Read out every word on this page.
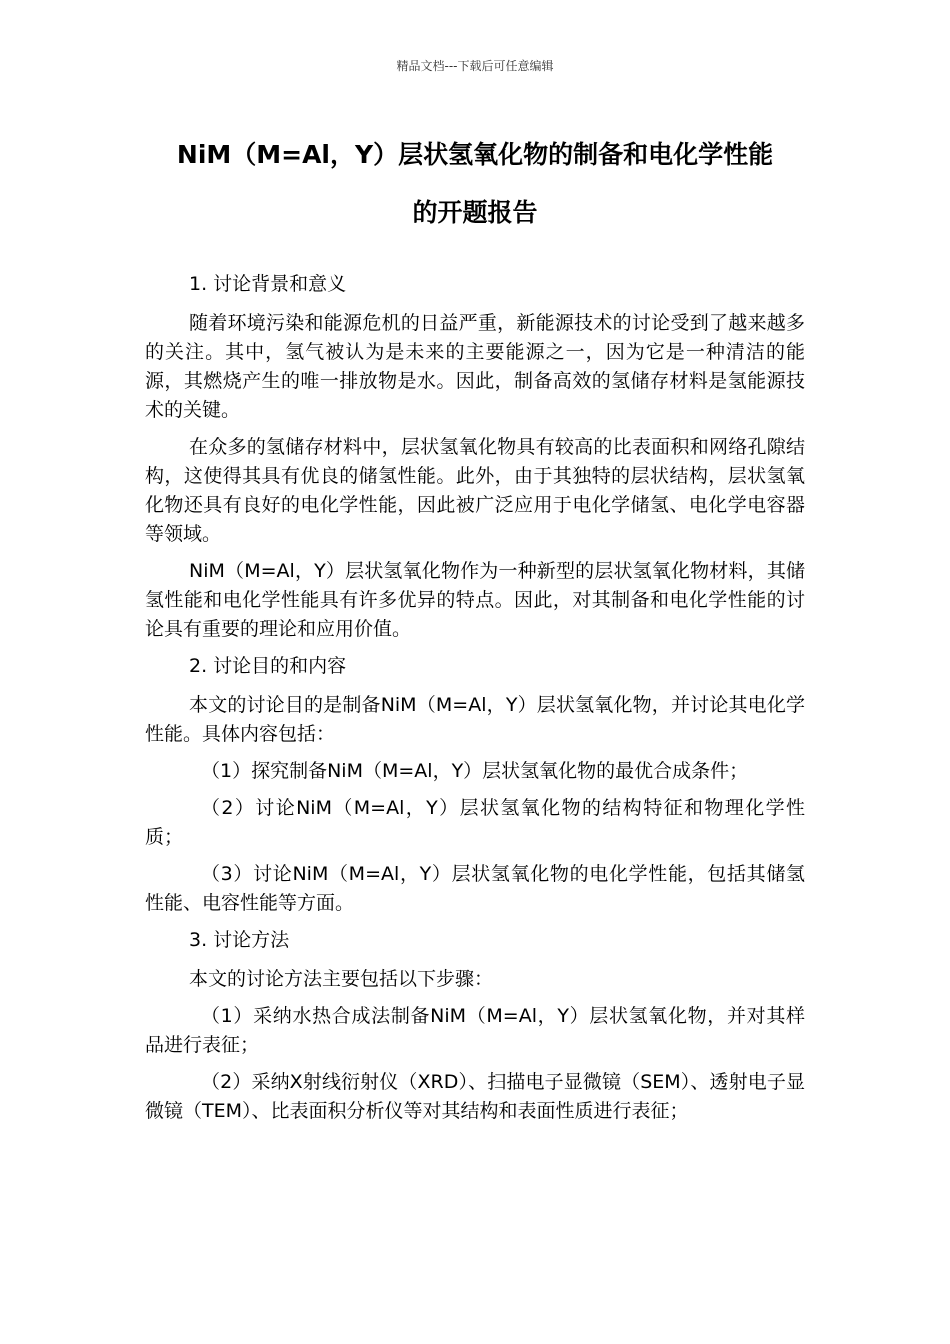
精品文档---下载后可任意编辑
NiM（M=Al，Y）层状氢氧化物的制备和电化学性能
的开题报告
1. 讨论背景和意义

随着环境污染和能源危机的日益严重，新能源技术的讨论受到了越来越多的关注。其中，氢气被认为是未来的主要能源之一，因为它是一种清洁的能源，其燃烧产生的唯一排放物是水。因此，制备高效的氢储存材料是氢能源技术的关键。

在众多的氢储存材料中，层状氢氧化物具有较高的比表面积和网络孔隙结构，这使得其具有优良的储氢性能。此外，由于其独特的层状结构，层状氢氧化物还具有良好的电化学性能，因此被广泛应用于电化学储氢、电化学电容器等领域。

NiM（M=Al，Y）层状氢氧化物作为一种新型的层状氢氧化物材料，其储氢性能和电化学性能具有许多优异的特点。因此，对其制备和电化学性能的讨论具有重要的理论和应用价值。

2. 讨论目的和内容

本文的讨论目的是制备NiM（M=Al，Y）层状氢氧化物，并讨论其电化学性能。具体内容包括：

（1）探究制备NiM（M=Al，Y）层状氢氧化物的最优合成条件；

（2）讨论NiM（M=Al，Y）层状氢氧化物的结构特征和物理化学性质；

（3）讨论NiM（M=Al，Y）层状氢氧化物的电化学性能，包括其储氢性能、电容性能等方面。

3. 讨论方法

本文的讨论方法主要包括以下步骤：

（1）采纳水热合成法制备NiM（M=Al，Y）层状氢氧化物，并对其样品进行表征；

（2）采纳X射线衍射仪（XRD）、扫描电子显微镜（SEM）、透射电子显微镜（TEM）、比表面积分析仪等对其结构和表面性质进行表征；
